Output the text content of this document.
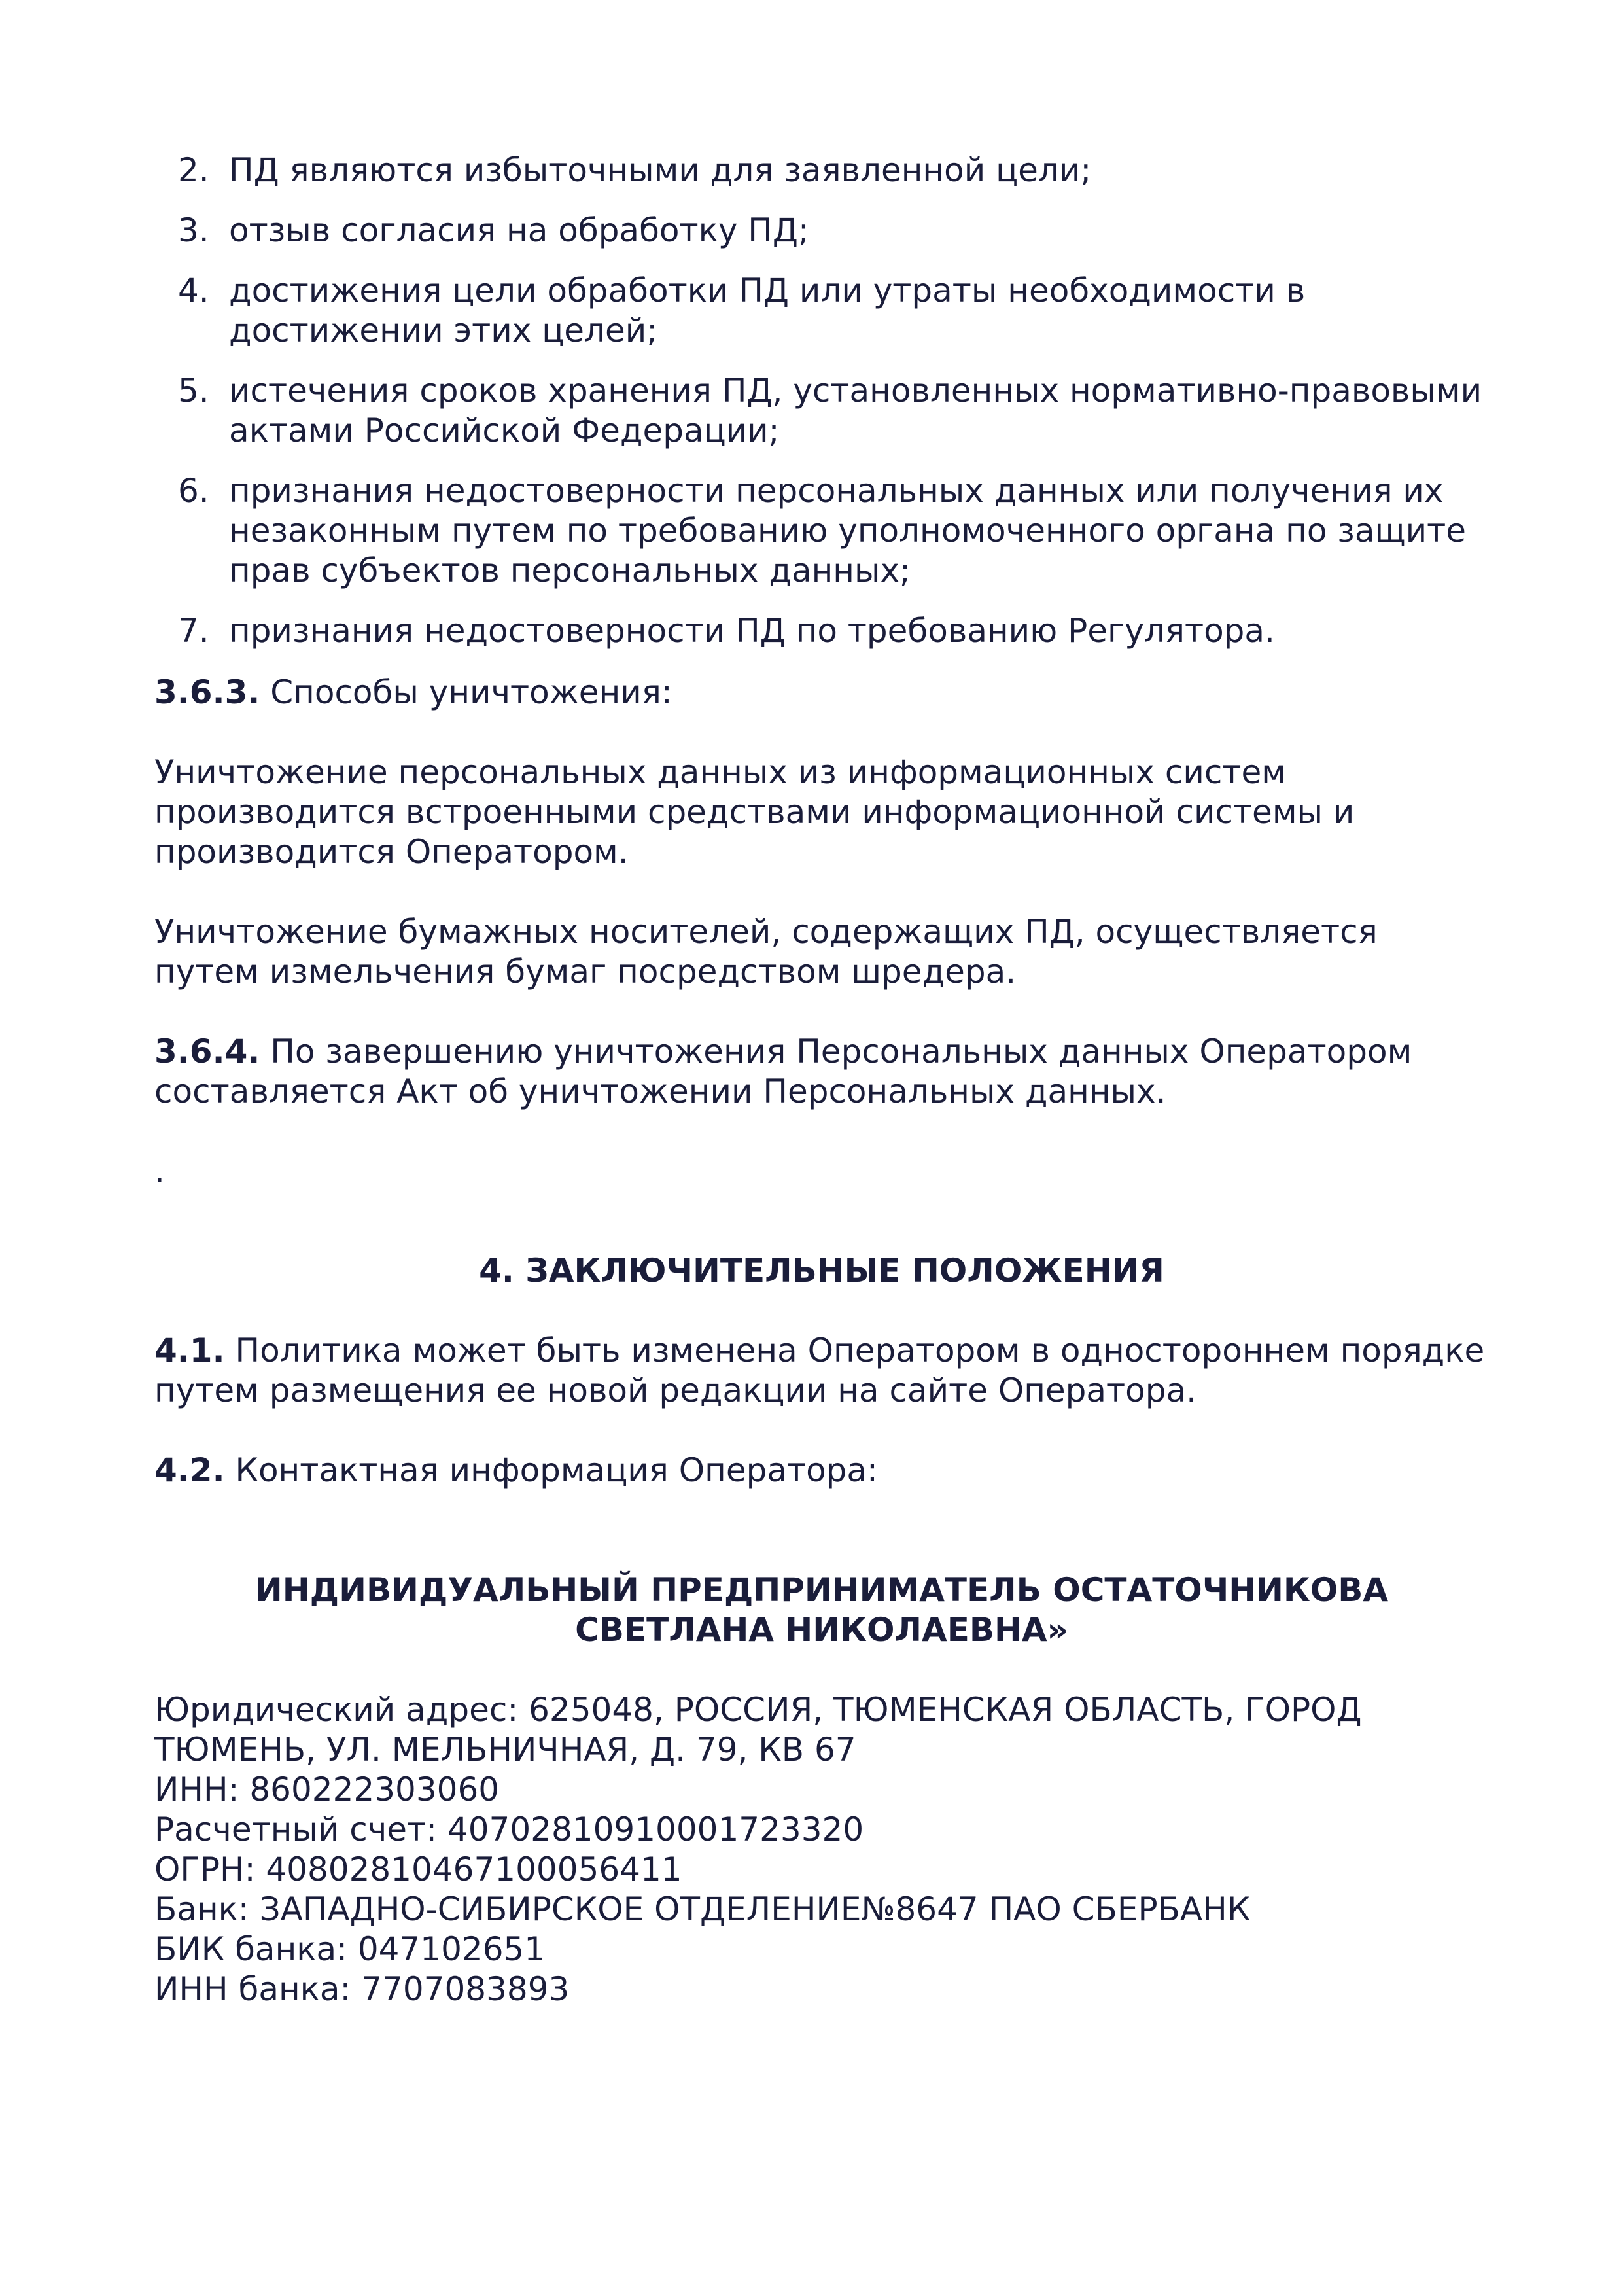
2. ПД являются избыточными для заявленной цели;
3. отзыв согласия на обработку ПД;
4. достижения цели обработки ПД или утраты необходимости в достижении этих целей;
5. истечения сроков хранения ПД, установленных нормативно-правовыми актами Российской Федерации;
6. признания недостоверности персональных данных или получения их незаконным путем по требованию уполномоченного органа по защите прав субъектов персональных данных;
7. признания недостоверности ПД по требованию Регулятора.

3.6.3. Способы уничтожения:

Уничтожение персональных данных из информационных систем производится встроенными средствами информационной системы и производится Оператором.

Уничтожение бумажных носителей, содержащих ПД, осуществляется путем измельчения бумаг посредством шредера.

3.6.4. По завершению уничтожения Персональных данных Оператором составляется Акт об уничтожении Персональных данных.

.

4. ЗАКЛЮЧИТЕЛЬНЫЕ ПОЛОЖЕНИЯ

4.1. Политика может быть изменена Оператором в одностороннем порядке путем размещения ее новой редакции на сайте Оператора.

4.2. Контактная информация Оператора:

ИНДИВИДУАЛЬНЫЙ ПРЕДПРИНИМАТЕЛЬ ОСТАТОЧНИКОВА СВЕТЛАНА НИКОЛАЕВНА»

Юридический адрес: 625048, РОССИЯ, ТЮМЕНСКАЯ ОБЛАСТЬ, ГОРОД ТЮМЕНЬ, УЛ. МЕЛЬНИЧНАЯ, Д. 79, КВ 67
ИНН: 860222303060
Расчетный счет: 40702810910001723320
ОГРН: 408028104671000564​11
Банк: ЗАПАДНО-СИБИРСКОЕ ОТДЕЛЕНИЕ№8647 ПАО СБЕРБАНК
БИК банка: 047102651
ИНН банка: 7707083893
